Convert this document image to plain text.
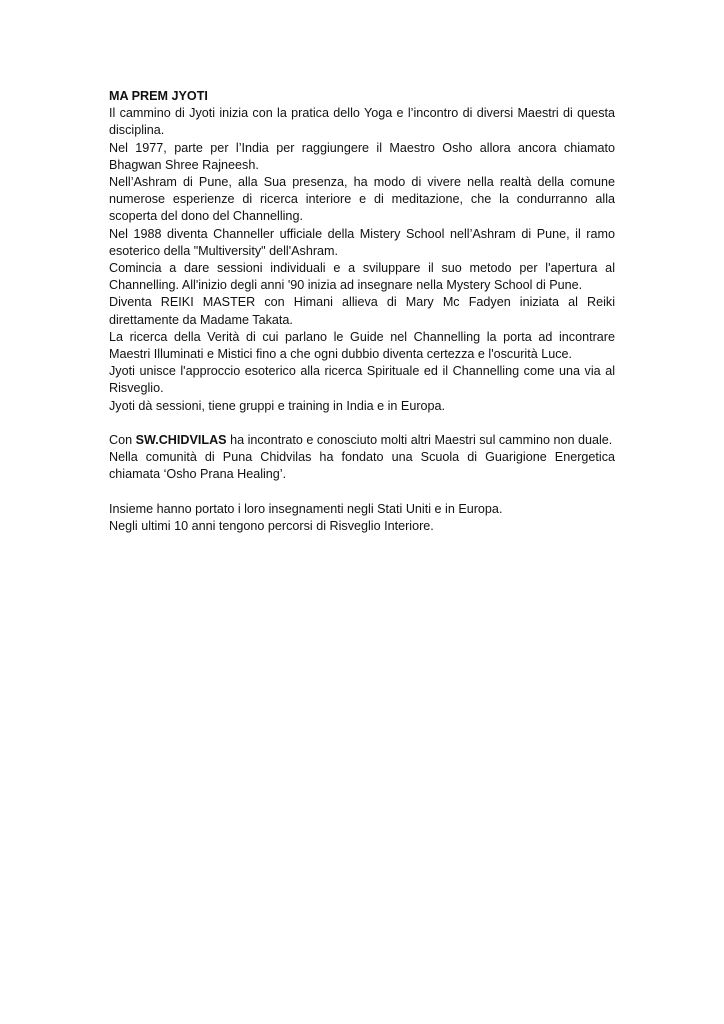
MA PREM JYOTI

Il cammino di Jyoti inizia con la pratica dello Yoga e l’incontro di diversi Maestri di questa disciplina.

Nel 1977, parte per l’India per raggiungere il Maestro Osho allora ancora chiamato Bhagwan Shree Rajneesh.

Nell’Ashram di Pune, alla Sua presenza, ha modo di vivere nella realtà della comune numerose esperienze di ricerca interiore e di meditazione, che la condurranno alla scoperta del dono del Channelling.

Nel 1988 diventa Channeller ufficiale della Mistery School nell’Ashram di Pune, il ramo esoterico della "Multiversity" dell'Ashram.

Comincia a dare sessioni individuali e a sviluppare il suo metodo per l'apertura al Channelling. All'inizio degli anni '90 inizia ad insegnare nella Mystery School di Pune.

Diventa REIKI MASTER con Himani allieva di Mary Mc Fadyen iniziata al Reiki direttamente da Madame Takata.

La ricerca della Verità di cui parlano le Guide nel Channelling la porta ad incontrare Maestri Illuminati e Mistici fino a che ogni dubbio diventa certezza e l'oscurità Luce.

Jyoti unisce l'approccio esoterico alla ricerca Spirituale ed il Channelling come una via al Risveglio.

Jyoti dà sessioni, tiene gruppi e training in India e in Europa.

Con SW.CHIDVILAS ha incontrato e conosciuto molti altri Maestri sul cammino non duale.

Nella comunità di Puna Chidvilas ha fondato una Scuola di Guarigione Energetica chiamata ‘Osho Prana Healing’.

Insieme hanno portato i loro insegnamenti negli Stati Uniti e in Europa.

Negli ultimi 10 anni tengono percorsi di Risveglio Interiore.
